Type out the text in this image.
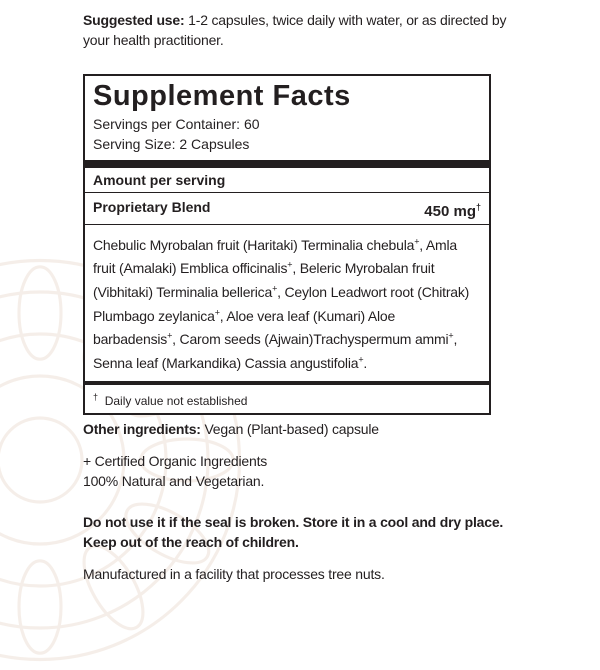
Suggested use: 1-2 capsules, twice daily with water, or as directed by your health practitioner.
Supplement Facts
Servings per Container: 60
Serving Size: 2 Capsules
Amount per serving
Proprietary Blend	450 mg†
Chebulic Myrobalan fruit (Haritaki) Terminalia chebula+, Amla fruit (Amalaki) Emblica officinalis+, Beleric Myrobalan fruit (Vibhitaki) Terminalia bellerica+, Ceylon Leadwort root (Chitrak) Plumbago zeylanica+, Aloe vera leaf (Kumari) Aloe barbadensis+, Carom seeds (Ajwain)Trachyspermum ammi+, Senna leaf (Markandika) Cassia angustifolia+.
† Daily value not established
Other ingredients: Vegan (Plant-based) capsule
+ Certified Organic Ingredients
100% Natural and Vegetarian.
Do not use it if the seal is broken. Store it in a cool and dry place. Keep out of the reach of children.
Manufactured in a facility that processes tree nuts.
